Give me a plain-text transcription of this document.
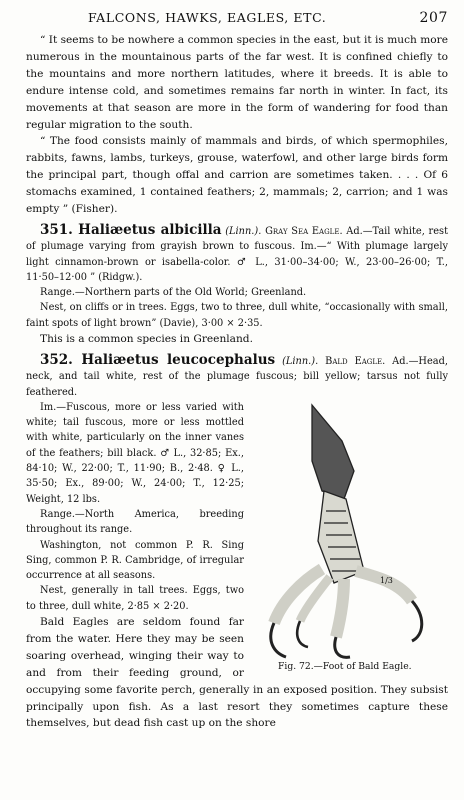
FALCONS, HAWKS, EAGLES, ETC.	207

“ It seems to be nowhere a common species in the east, but it is much more numerous in the mountainous parts of the far west. It is confined chiefly to the mountains and more northern latitudes, where it breeds. It is able to endure intense cold, and sometimes remains far north in winter. In fact, its movements at that season are more in the form of wandering for food than regular migration to the south.

“ The food consists mainly of mammals and birds, of which spermophiles, rabbits, fawns, lambs, turkeys, grouse, waterfowl, and other large birds form the principal part, though offal and carrion are sometimes taken. . . . Of 6 stomachs examined, 1 contained feathers; 2, mammals; 2, carrion; and 1 was empty ” (Fisher).

351. Haliæetus albicilla (Linn.). Gray Sea Eagle. Ad.—Tail white, rest of plumage varying from grayish brown to fuscous. Im.—“ With plumage largely light cinnamon-brown or isabella-color. ♂ L., 31·00–34·00; W., 23·00–26·00; T., 11·50–12·00 ” (Ridgw.).

Range.—Northern parts of the Old World; Greenland.

Nest, on cliffs or in trees. Eggs, two to three, dull white, “occasionally with small, faint spots of light brown” (Davie), 3·00 × 2·35.

This is a common species in Greenland.

352. Haliæetus leucocephalus (Linn.). Bald Eagle. Ad.—Head, neck, and tail white, rest of the plumage fuscous; bill yellow; tarsus not fully feathered.

1/3
Fig. 72.—Foot of Bald Eagle.

Im.—Fuscous, more or less varied with white; tail fuscous, more or less mottled with white, particularly on the inner vanes of the feathers; bill black. ♂ L., 32·85; Ex., 84·10; W., 22·00; T., 11·90; B., 2·48. ♀ L., 35·50; Ex., 89·00; W., 24·00; T., 12·25; Weight, 12 lbs.

Range.—North America, breeding throughout its range.

Washington, not common P. R. Sing Sing, common P. R. Cambridge, of irregular occurrence at all seasons.

Nest, generally in tall trees. Eggs, two to three, dull white, 2·85 × 2·20.

Bald Eagles are seldom found far from the water. Here they may be seen soaring overhead, winging their way to and from their feeding ground, or occupying some favorite perch, generally in an exposed position. They subsist principally upon fish. As a last resort they sometimes capture these themselves, but dead fish cast up on the shore
